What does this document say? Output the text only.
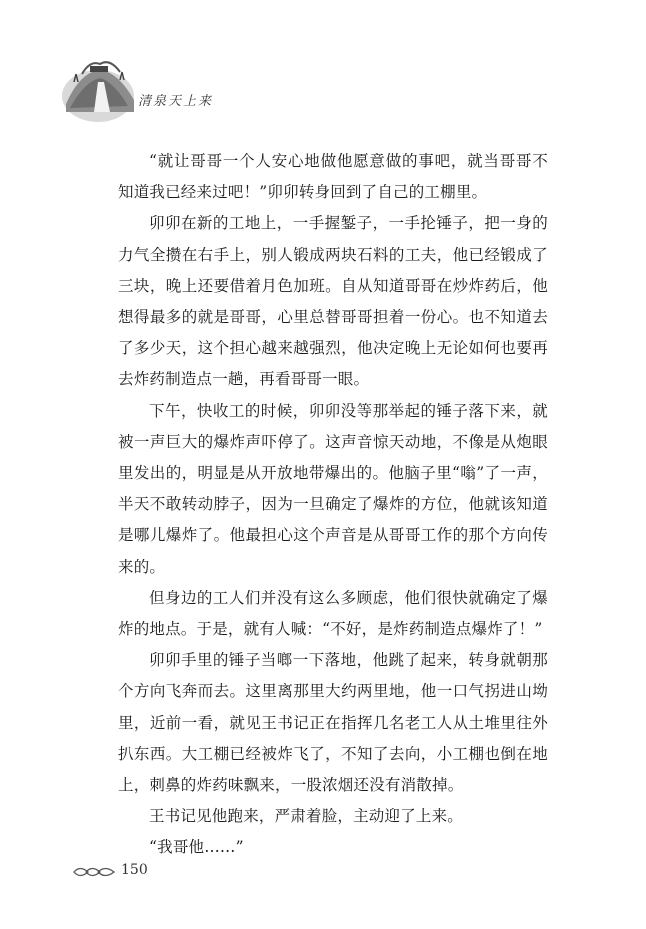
清泉天上来

“就让哥哥一个人安心地做他愿意做的事吧，就当哥哥不知道我已经来过吧！”卯卯转身回到了自己的工棚里。

卯卯在新的工地上，一手握錾子，一手抡锤子，把一身的力气全攒在右手上，别人锻成两块石料的工夫，他已经锻成了三块，晚上还要借着月色加班。自从知道哥哥在炒炸药后，他想得最多的就是哥哥，心里总替哥哥担着一份心。也不知道去了多少天，这个担心越来越强烈，他决定晚上无论如何也要再去炸药制造点一趟，再看哥哥一眼。

下午，快收工的时候，卯卯没等那举起的锤子落下来，就被一声巨大的爆炸声吓停了。这声音惊天动地，不像是从炮眼里发出的，明显是从开放地带爆出的。他脑子里“嗡”了一声，半天不敢转动脖子，因为一旦确定了爆炸的方位，他就该知道是哪儿爆炸了。他最担心这个声音是从哥哥工作的那个方向传来的。

但身边的工人们并没有这么多顾虑，他们很快就确定了爆炸的地点。于是，就有人喊：“不好，是炸药制造点爆炸了！”

卯卯手里的锤子当啷一下落地，他跳了起来，转身就朝那个方向飞奔而去。这里离那里大约两里地，他一口气拐进山坳里，近前一看，就见王书记正在指挥几名老工人从土堆里往外扒东西。大工棚已经被炸飞了，不知了去向，小工棚也倒在地上，刺鼻的炸药味飘来，一股浓烟还没有消散掉。

王书记见他跑来，严肃着脸，主动迎了上来。

“我哥他……”

150
